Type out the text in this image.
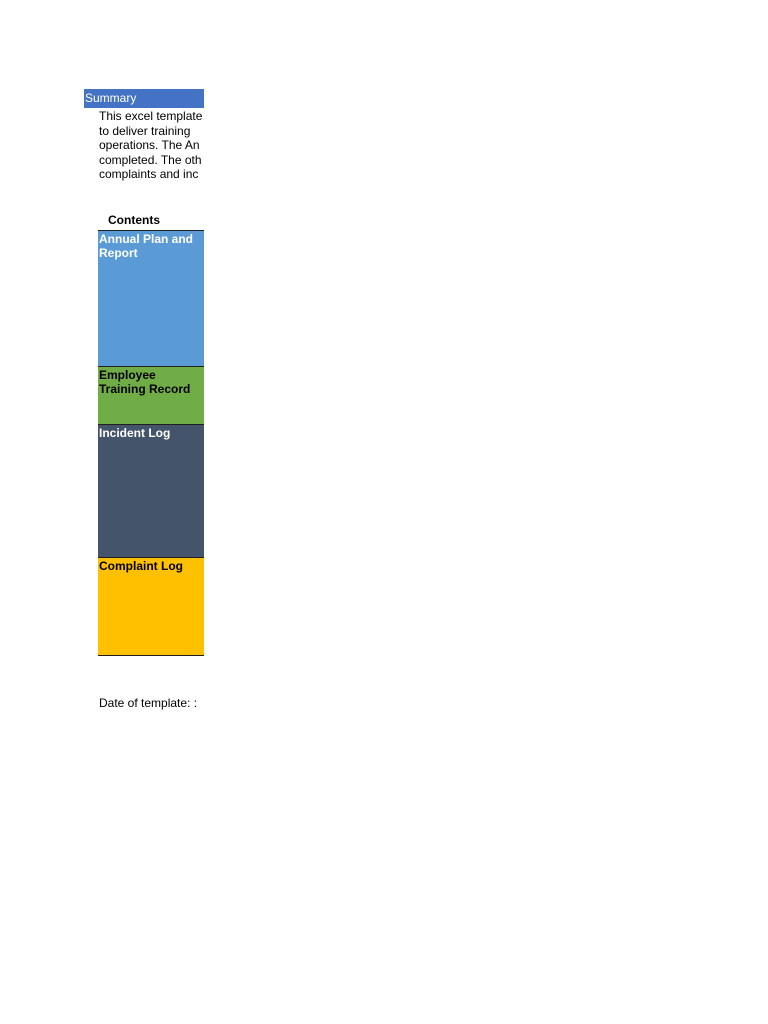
Summary
This excel template
to deliver training
operations. The An
completed. The oth
complaints and inc
Contents
Annual Plan and Report
Employee Training Record
Incident Log
Complaint Log
Date of template: :
